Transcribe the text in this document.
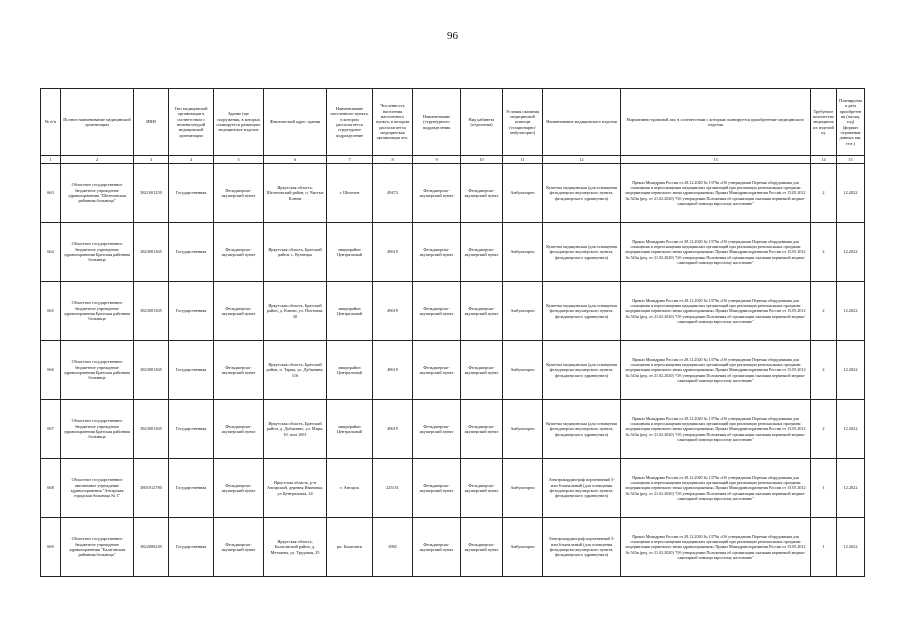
96
№ п/п	Полное наименование медицинской организации	ИНН	Тип медицинской организации в соответствии с номенклатурой медицинской организации	Здание (ще сооружения, в которых планируется размещать медицинское изделие	Фактический адрес здания	Наименование населенного пункта, в котором располагается структурное подразделение	Численность населения населенного пункта, в котором располагается медицинская организация чел.	Наименование (структурного подразделения	Вид кабинета (отделения)	Условия оказания медицинской помощи (стационарно/ амбулаторно)	Наименование медицинского изделия	Нормативно-правовой акт, в соответствии с которым планируется приобретение медицинского изделия	Требуемое количество медицинских изделий ед.	Планируемая дата приобретения (месяц, год) (формат отражения данных мм. гггг.)
1	2	3	4	5	6	7	8	9	10	11	12	13	14	15
663	Областное государственное бюджетное учреждение здравоохранения "Шелеховская районная больница"	3821001259	Государственная	Фельдшерско-акушерский пункт	Иркутская область, Шелеховский район, п. Чистые Ключи	г. Шелехов	49472	Фельдшерско-акушерский пункт	Фельдшерско-акушерский пункт	Амбулаторно	Кушетка медицинская (для оснащения фельдшерско-акушерского пункта, фельдшерского здравпункта)	Приказ Минздрава России от 28.12.2020 № 1379н «Об утверждении Перечня оборудования для оснащения и переоснащения медицинских организаций при реализации региональных программ модернизации первичного звена здравоохранения» Приказ Минздравсоцразвития России от 15.05.2012 № 543н (ред. от 21.02.2020) "Об утверждении Положения об организации оказания первичной медико-санитарной помощи взрослому населению"	2	12.2022
664	Областное государственное бюджетное учреждение здравоохранения Братская районная больница	3823001365	Государственная	Фельдшерско-акушерский пункт	Иркутская область, Братский район, с. Кузнецка	микрорайон Центральный	49619	Фельдшерско-акушерский пункт	Фельдшерско-акушерский пункт	Амбулаторно	Кушетка медицинская (для оснащения фельдшерско-акушерского пункта, фельдшерского здравпункта)	Приказ Минздрава России от 28.12.2020 № 1379н «Об утверждении Перечня оборудования для оснащения и переоснащения медицинских организаций при реализации региональных программ модернизации первичного звена здравоохранения» Приказ Минздравсоцразвития России от 15.05.2012 № 543н (ред. от 21.02.2020) "Об утверждении Положения об организации оказания первичной медико-санитарной помощи взрослому населению"	2	12.2022
665	Областное государственное бюджетное учреждение здравоохранения Братская районная больница	3823001365	Государственная	Фельдшерско-акушерский пункт	Иркутская область, Братский район, д. Ключи, ул. Почтовая, 30	микрорайон Центральный	49619	Фельдшерско-акушерский пункт	Фельдшерско-акушерский пункт	Амбулаторно	Кушетка медицинская (для оснащения фельдшерско-акушерского пункта, фельдшерского здравпункта)	Приказ Минздрава России от 28.12.2020 № 1379н «Об утверждении Перечня оборудования для оснащения и переоснащения медицинских организаций при реализации региональных программ модернизации первичного звена здравоохранения» Приказ Минздравсоцразвития России от 15.05.2012 № 543н (ред. от 21.02.2020) "Об утверждении Положения об организации оказания первичной медико-санитарной помощи взрослому населению"	2	12.2022
666	Областное государственное бюджетное учреждение здравоохранения Братская районная больница	3823001365	Государственная	Фельдшерско-акушерский пункт	Иркутская область, Братский район, п. Тарма, ул. Дубынина, 116	микрорайон Центральный	49619	Фельдшерско-акушерский пункт	Фельдшерско-акушерский пункт	Амбулаторно	Кушетка медицинская (для оснащения фельдшерско-акушерского пункта, фельдшерского здравпункта)	Приказ Минздрава России от 28.12.2020 № 1379н «Об утверждении Перечня оборудования для оснащения и переоснащения медицинских организаций при реализации региональных программ модернизации первичного звена здравоохранения» Приказ Минздравсоцразвития России от 15.05.2012 № 543н (ред. от 21.02.2020) "Об утверждении Положения об организации оказания первичной медико-санитарной помощи взрослому населению"	2	12.2022
667	Областное государственное бюджетное учреждение здравоохранения Братская районная больница	3823001365	Государственная	Фельдшерско-акушерский пункт	Иркутская область, Братский район, д. Дубынино, ул. Мира, 10, пом 1001	микрорайон Центральный	49619	Фельдшерско-акушерский пункт	Фельдшерско-акушерский пункт	Амбулаторно	Кушетка медицинская (для оснащения фельдшерско-акушерского пункта, фельдшерского здравпункта)	Приказ Минздрава России от 28.12.2020 № 1379н «Об утверждении Перечня оборудования для оснащения и переоснащения медицинских организаций при реализации региональных программ модернизации первичного звена здравоохранения» Приказ Минздравсоцразвития России от 15.05.2012 № 543н (ред. от 21.02.2020) "Об утверждении Положения об организации оказания первичной медико-санитарной помощи взрослому населению"	2	12.2022
668	Областное государственное автономное учреждение здравоохранения "Ангарская городская больница № 1"	3801012780	Государственная	Фельдшерско-акушерский пункт	Иркутская область, р-н Ангарский, деревня Ивановка, ул.Центральная, 24	г. Ангарск	225151	Фельдшерско-акушерский пункт	Фельдшерско-акушерский пункт	Амбулаторно	Электрокардиограф портативный 3- или 6-канальный (для оснащения фельдшерско-акушерского пункта, фельдшерского здравпункта)	Приказ Минздрава России от 28.12.2020 № 1379н «Об утверждении Перечня оборудования для оснащения и переоснащения медицинских организаций при реализации региональных программ модернизации первичного звена здравоохранения» Приказ Минздравсоцразвития России от 15.05.2012 № 543н (ред. от 21.02.2020) "Об утверждении Положения об организации оказания первичной медико-санитарной помощи взрослому населению"	1	12.2022
669	Областное государственное бюджетное учреждение здравоохранения "Балаганская районная больница"	3822000249	Государственная	Фельдшерско-акушерский пункт	Иркутская область, Балаганский район, д. Метляева, ул. Трудовая, 25	рп. Балаганск	3982	Фельдшерско-акушерский пункт	Фельдшерско-акушерский пункт	Амбулаторно	Электрокардиограф портативный 3- или 6-канальный (для оснащения фельдшерско-акушерского пункта, фельдшерского здравпункта)	Приказ Минздрава России от 28.12.2020 № 1379н «Об утверждении Перечня оборудования для оснащения и переоснащения медицинских организаций при реализации региональных программ модернизации первичного звена здравоохранения» Приказ Минздравсоцразвития России от 15.05.2012 № 543н (ред. от 21.02.2020) "Об утверждении Положения об организации оказания первичной медико-санитарной помощи взрослому населению"	1	12.2022
